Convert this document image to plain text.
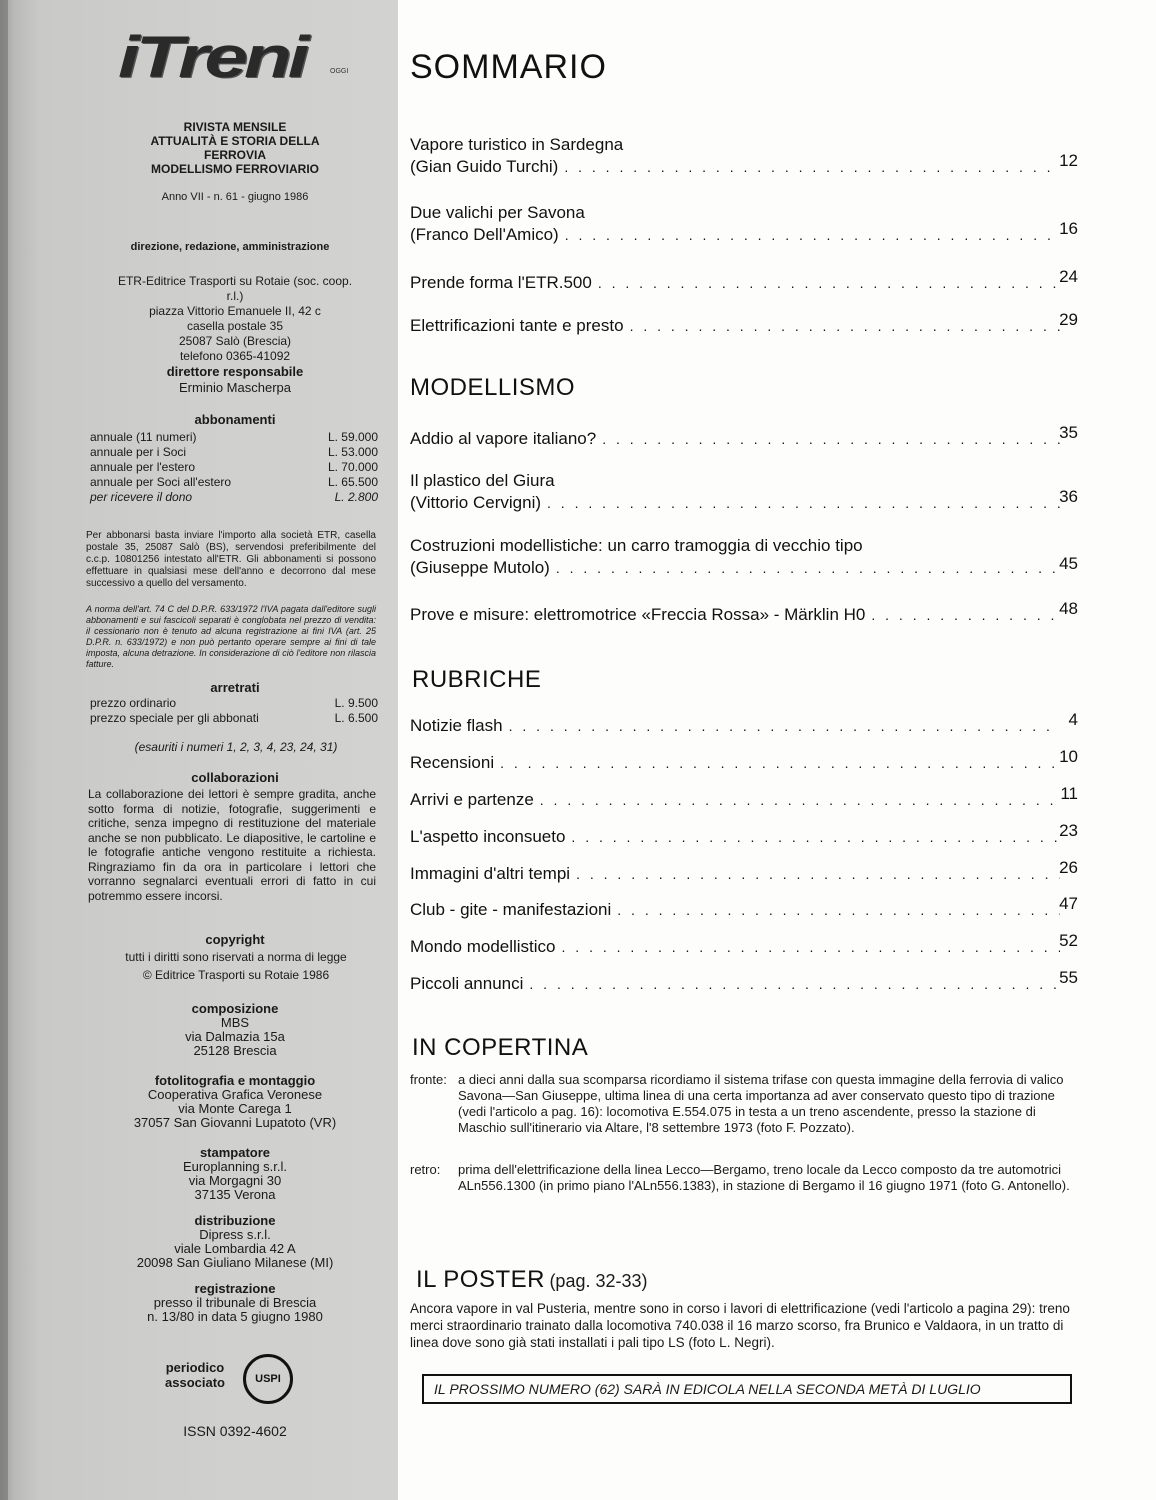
iTreni	OGGI
RIVISTA MENSILE
ATTUALITÀ E STORIA DELLA FERROVIA
MODELLISMO FERROVIARIO
Anno VII - n. 61 - giugno 1986
direzione, redazione, amministrazione
ETR-Editrice Trasporti su Rotaie (soc. coop. r.l.)
piazza Vittorio Emanuele II, 42 c
casella postale 35
25087 Salò (Brescia)
telefono 0365-41092
direttore responsabile
Erminio Mascherpa
abbonamenti
annuale (11 numeri)	L. 59.000
annuale per i Soci	L. 53.000
annuale per l'estero	L. 70.000
annuale per Soci all'estero	L. 65.500
per ricevere il dono	L. 2.800
Per abbonarsi basta inviare l'importo alla società ETR, casella postale 35, 25087 Salò (BS), servendosi preferibilmente del c.c.p. 10801256 intestato all'ETR. Gli abbonamenti si possono effettuare in qualsiasi mese dell'anno e decorrono dal mese successivo a quello del versamento.
A norma dell'art. 74 C del D.P.R. 633/1972 l'IVA pagata dall'editore sugli abbonamenti e sui fascicoli separati è conglobata nel prezzo di vendita: il cessionario non è tenuto ad alcuna registrazione ai fini IVA (art. 25 D.P.R. n. 633/1972) e non può pertanto operare sempre ai fini di tale imposta, alcuna detrazione. In considerazione di ciò l'editore non rilascia fatture.
arretrati
prezzo ordinario	L. 9.500
prezzo speciale per gli abbonati	L. 6.500
(esauriti i numeri 1, 2, 3, 4, 23, 24, 31)
collaborazioni
La collaborazione dei lettori è sempre gradita, anche sotto forma di notizie, fotografie, suggerimenti e critiche, senza impegno di restituzione del materiale anche se non pubblicato. Le diapositive, le cartoline e le fotografie antiche vengono restituite a richiesta. Ringraziamo fin da ora in particolare i lettori che vorranno segnalarci eventuali errori di fatto in cui potremmo essere incorsi.
copyright
tutti i diritti sono riservati a norma di legge
© Editrice Trasporti su Rotaie 1986
composizione
MBS
via Dalmazia 15a
25128 Brescia
fotolitografia e montaggio
Cooperativa Grafica Veronese
via Monte Carega 1
37057 San Giovanni Lupatoto (VR)
stampatore
Europlanning s.r.l.
via Morgagni 30
37135 Verona
distribuzione
Dipress s.r.l.
viale Lombardia 42 A
20098 San Giuliano Milanese (MI)
registrazione
presso il tribunale di Brescia
n. 13/80 in data 5 giugno 1980
periodico
associato	USPI
ISSN 0392-4602
SOMMARIO
Vapore turistico in Sardegna
(Gian Guido Turchi) . . .	12
Due valichi per Savona
(Franco Dell'Amico) . . .	16
Prende forma l'ETR.500 . . .	24
Elettrificazioni tante e presto . . .	29
MODELLISMO
Addio al vapore italiano? . . .	35
Il plastico del Giura
(Vittorio Cervigni) . . .	36
Costruzioni modellistiche: un carro tramoggia di vecchio tipo
(Giuseppe Mutolo) . . .	45
Prove e misure: elettromotrice «Freccia Rossa» - Märklin H0 . . .	48
RUBRICHE
Notizie flash . . .	4
Recensioni . . .	10
Arrivi e partenze . . .	11
L'aspetto inconsueto . . .	23
Immagini d'altri tempi . . .	26
Club - gite - manifestazioni . . .	47
Mondo modellistico . . .	52
Piccoli annunci . . .	55
IN COPERTINA
fronte: a dieci anni dalla sua scomparsa ricordiamo il sistema trifase con questa immagine della ferrovia di valico Savona—San Giuseppe, ultima linea di una certa importanza ad aver conservato questo tipo di trazione (vedi l'articolo a pag. 16): locomotiva E.554.075 in testa a un treno ascendente, presso la stazione di Maschio sull'itinerario via Altare, l'8 settembre 1973 (foto F. Pozzato).
retro: prima dell'elettrificazione della linea Lecco—Bergamo, treno locale da Lecco composto da tre automotrici ALn556.1300 (in primo piano l'ALn556.1383), in stazione di Bergamo il 16 giugno 1971 (foto G. Antonello).
IL POSTER (pag. 32-33)
Ancora vapore in val Pusteria, mentre sono in corso i lavori di elettrificazione (vedi l'articolo a pagina 29): treno merci straordinario trainato dalla locomotiva 740.038 il 16 marzo scorso, fra Brunico e Valdaora, in un tratto di linea dove sono già stati installati i pali tipo LS (foto L. Negri).
IL PROSSIMO NUMERO (62) SARÀ IN EDICOLA NELLA SECONDA METÀ DI LUGLIO
